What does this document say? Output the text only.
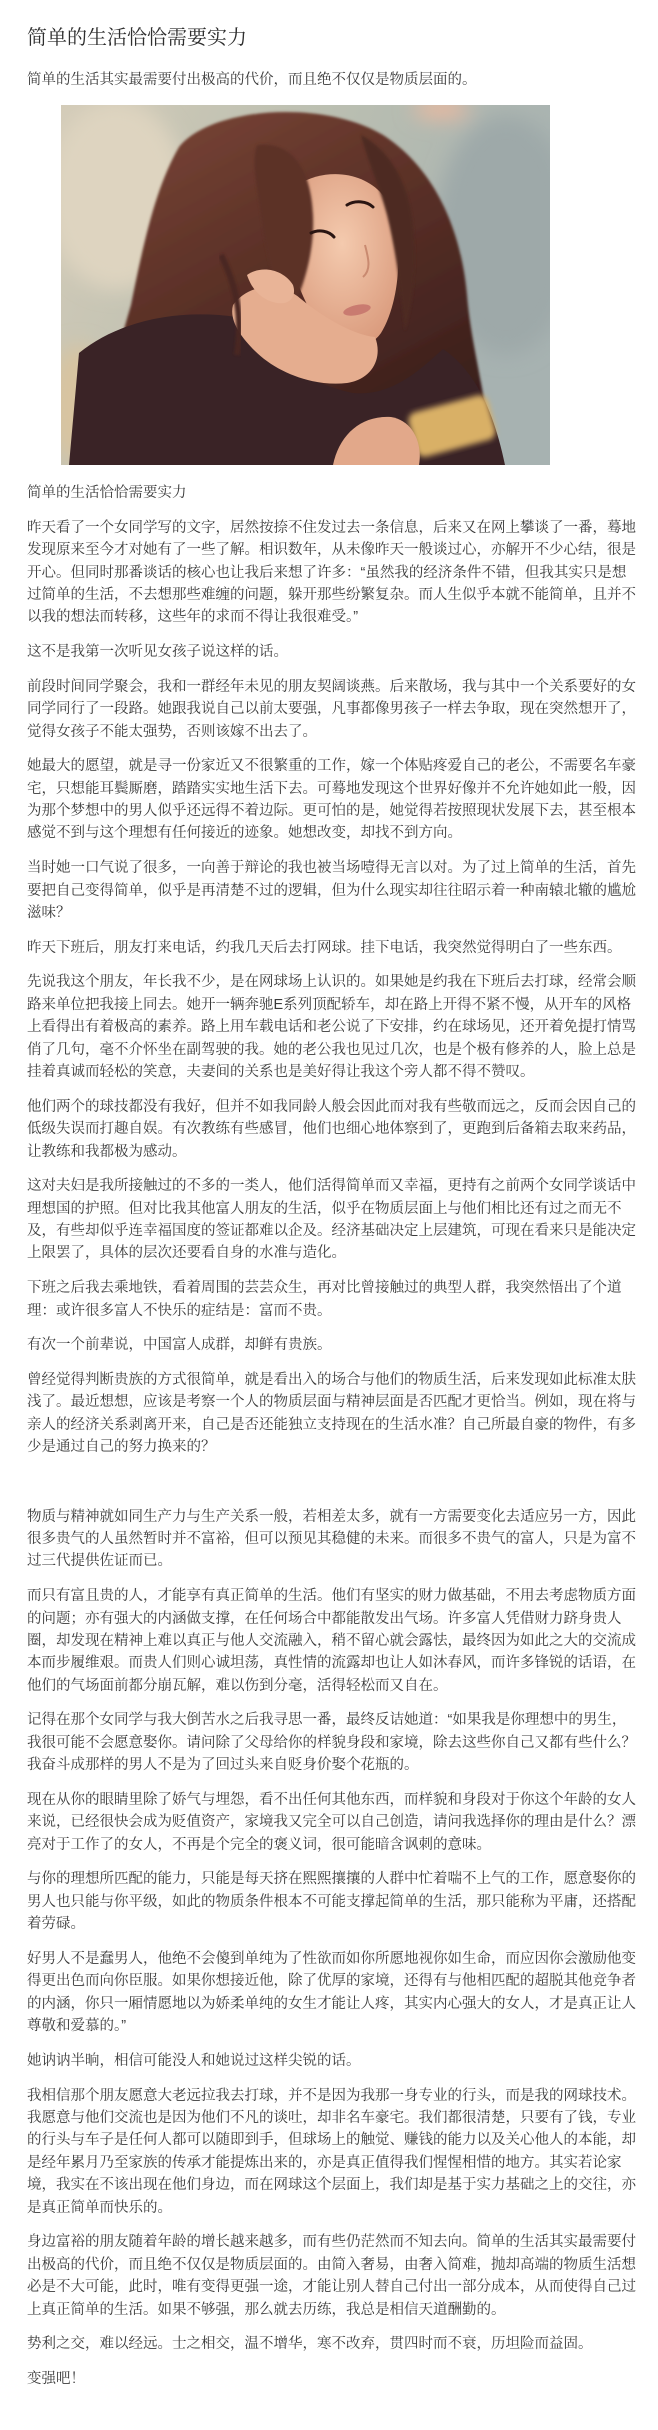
简单的生活恰恰需要实力

简单的生活其实最需要付出极高的代价，而且绝不仅仅是物质层面的。

简单的生活恰恰需要实力

昨天看了一个女同学写的文字，居然按捺不住发过去一条信息，后来又在网上攀谈了一番，蓦地发现原来至今才对她有了一些了解。相识数年，从未像昨天一般谈过心，亦解开不少心结，很是开心。但同时那番谈话的核心也让我后来想了许多：“虽然我的经济条件不错，但我其实只是想过简单的生活，不去想那些难缠的问题，躲开那些纷繁复杂。而人生似乎本就不能简单，且并不以我的想法而转移，这些年的求而不得让我很难受。”

这不是我第一次听见女孩子说这样的话。

前段时间同学聚会，我和一群经年未见的朋友契阔谈燕。后来散场，我与其中一个关系要好的女同学同行了一段路。她跟我说自己以前太要强，凡事都像男孩子一样去争取，现在突然想开了，觉得女孩子不能太强势，否则该嫁不出去了。

她最大的愿望，就是寻一份家近又不很繁重的工作，嫁一个体贴疼爱自己的老公，不需要名车豪宅，只想能耳鬓厮磨，踏踏实实地生活下去。可蓦地发现这个世界好像并不允许她如此一般，因为那个梦想中的男人似乎还远得不着边际。更可怕的是，她觉得若按照现状发展下去，甚至根本感觉不到与这个理想有任何接近的迹象。她想改变，却找不到方向。

当时她一口气说了很多，一向善于辩论的我也被当场噎得无言以对。为了过上简单的生活，首先要把自己变得简单，似乎是再清楚不过的逻辑，但为什么现实却往往昭示着一种南辕北辙的尴尬滋味？

昨天下班后，朋友打来电话，约我几天后去打网球。挂下电话，我突然觉得明白了一些东西。

先说我这个朋友，年长我不少，是在网球场上认识的。如果她是约我在下班后去打球，经常会顺路来单位把我接上同去。她开一辆奔驰E系列顶配轿车，却在路上开得不紧不慢，从开车的风格上看得出有着极高的素养。路上用车载电话和老公说了下安排，约在球场见，还开着免提打情骂俏了几句，毫不介怀坐在副驾驶的我。她的老公我也见过几次，也是个极有修养的人，脸上总是挂着真诚而轻松的笑意，夫妻间的关系也是美好得让我这个旁人都不得不赞叹。

他们两个的球技都没有我好，但并不如我同龄人般会因此而对我有些敬而远之，反而会因自己的低级失误而打趣自娱。有次教练有些感冒，他们也细心地体察到了，更跑到后备箱去取来药品，让教练和我都极为感动。

这对夫妇是我所接触过的不多的一类人，他们活得简单而又幸福，更持有之前两个女同学谈话中理想国的护照。但对比我其他富人朋友的生活，似乎在物质层面上与他们相比还有过之而无不及，有些却似乎连幸福国度的签证都难以企及。经济基础决定上层建筑，可现在看来只是能决定上限罢了，具体的层次还要看自身的水准与造化。

下班之后我去乘地铁，看着周围的芸芸众生，再对比曾接触过的典型人群，我突然悟出了个道理：或许很多富人不快乐的症结是：富而不贵。

有次一个前辈说，中国富人成群，却鲜有贵族。

曾经觉得判断贵族的方式很简单，就是看出入的场合与他们的物质生活，后来发现如此标准太肤浅了。最近想想，应该是考察一个人的物质层面与精神层面是否匹配才更恰当。例如，现在将与亲人的经济关系剥离开来，自己是否还能独立支持现在的生活水准？自己所最自豪的物件，有多少是通过自己的努力换来的？

物质与精神就如同生产力与生产关系一般，若相差太多，就有一方需要变化去适应另一方，因此很多贵气的人虽然暂时并不富裕，但可以预见其稳健的未来。而很多不贵气的富人，只是为富不过三代提供佐证而已。

而只有富且贵的人，才能享有真正简单的生活。他们有坚实的财力做基础，不用去考虑物质方面的问题；亦有强大的内涵做支撑，在任何场合中都能散发出气场。许多富人凭借财力跻身贵人圈，却发现在精神上难以真正与他人交流融入，稍不留心就会露怯，最终因为如此之大的交流成本而步履维艰。而贵人们则心诚坦荡，真性情的流露却也让人如沐春风，而许多锋锐的话语，在他们的气场面前都分崩瓦解，难以伤到分毫，活得轻松而又自在。

记得在那个女同学与我大倒苦水之后我寻思一番，最终反诘她道：“如果我是你理想中的男生，我很可能不会愿意娶你。请问除了父母给你的样貌身段和家境，除去这些你自己又都有些什么？我奋斗成那样的男人不是为了回过头来自贬身价娶个花瓶的。

现在从你的眼睛里除了娇气与埋怨，看不出任何其他东西，而样貌和身段对于你这个年龄的女人来说，已经很快会成为贬值资产，家境我又完全可以自己创造，请问我选择你的理由是什么？漂亮对于工作了的女人，不再是个完全的褒义词，很可能暗含讽刺的意味。

与你的理想所匹配的能力，只能是每天挤在熙熙攘攘的人群中忙着喘不上气的工作，愿意娶你的男人也只能与你平级，如此的物质条件根本不可能支撑起简单的生活，那只能称为平庸，还搭配着劳碌。

好男人不是蠢男人，他绝不会傻到单纯为了性欲而如你所愿地视你如生命，而应因你会激励他变得更出色而向你臣服。如果你想接近他，除了优厚的家境，还得有与他相匹配的超脱其他竞争者的内涵，你只一厢情愿地以为娇柔单纯的女生才能让人疼，其实内心强大的女人，才是真正让人尊敬和爱慕的。”

她讷讷半晌，相信可能没人和她说过这样尖锐的话。

我相信那个朋友愿意大老远拉我去打球，并不是因为我那一身专业的行头，而是我的网球技术。我愿意与他们交流也是因为他们不凡的谈吐，却非名车豪宅。我们都很清楚，只要有了钱，专业的行头与车子是任何人都可以随即到手，但球场上的触觉、赚钱的能力以及关心他人的本能，却是经年累月乃至家族的传承才能提炼出来的，亦是真正值得我们惺惺相惜的地方。其实若论家境，我实在不该出现在他们身边，而在网球这个层面上，我们却是基于实力基础之上的交往，亦是真正简单而快乐的。

身边富裕的朋友随着年龄的增长越来越多，而有些仍茫然而不知去向。简单的生活其实最需要付出极高的代价，而且绝不仅仅是物质层面的。由简入奢易，由奢入简难，抛却高端的物质生活想必是不大可能，此时，唯有变得更强一途，才能让别人替自己付出一部分成本，从而使得自己过上真正简单的生活。如果不够强，那么就去历练，我总是相信天道酬勤的。

势利之交，难以经远。士之相交，温不增华，寒不改弃，贯四时而不衰，历坦险而益固。

变强吧！
